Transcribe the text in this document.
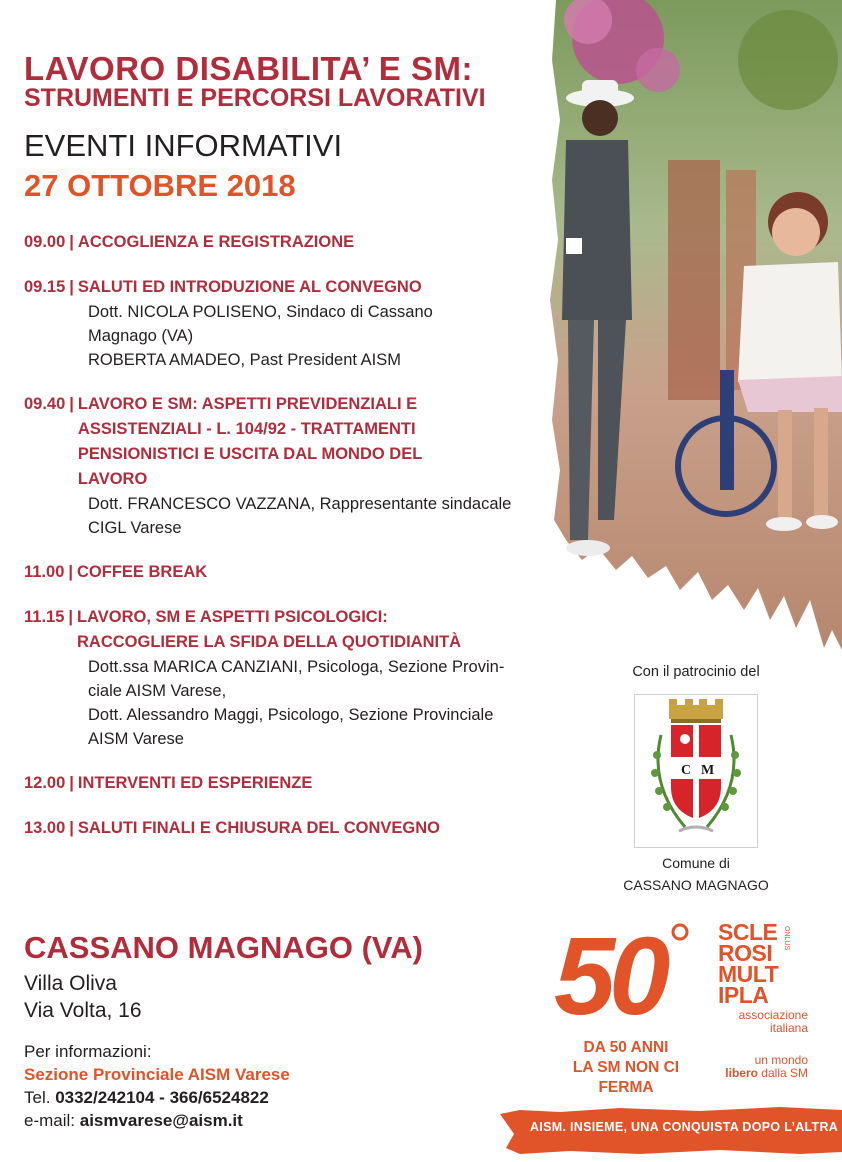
LAVORO DISABILITA’ E SM:
STRUMENTI E PERCORSI LAVORATIVI
EVENTI INFORMATIVI
27 OTTOBRE 2018
09.00 | ACCOGLIENZA E REGISTRAZIONE
09.15 | SALUTI ED INTRODUZIONE AL CONVEGNO
Dott. NICOLA POLISENO, Sindaco di Cassano
Magnago (VA)
ROBERTA AMADEO, Past President AISM
09.40 | LAVORO E SM: ASPETTI PREVIDENZIALI E
ASSISTENZIALI - L. 104/92 - TRATTAMENTI
PENSIONISTICI E USCITA DAL MONDO DEL
LAVORO
Dott. FRANCESCO VAZZANA, Rappresentante sindacale
CIGL Varese
11.00 | COFFEE BREAK
11.15 | LAVORO, SM E ASPETTI PSICOLOGICI:
RACCOGLIERE LA SFIDA DELLA QUOTIDIANITÀ
Dott.ssa MARICA CANZIANI, Psicologa, Sezione Provin-
ciale AISM Varese,
Dott. Alessandro Maggi, Psicologo, Sezione Provinciale
AISM Varese
12.00 | INTERVENTI ED ESPERIENZE
13.00 | SALUTI FINALI E CHIUSURA DEL CONVEGNO
Con il patrocinio del
C M
Comune di
CASSANO MAGNAGO
CASSANO MAGNAGO (VA)
Villa Oliva
Via Volta, 16
Per informazioni:
Sezione Provinciale AISM Varese
Tel. 0332/242104 - 366/6524822
e-mail: aismvarese@aism.it
50
DA 50 ANNI
LA SM NON CI FERMA
SCLE
ROSI
MULT
IPLA
associazione
italiana
ONLUS
un mondo
libero dalla SM
AISM. INSIEME, UNA CONQUISTA DOPO L’ALTRA
